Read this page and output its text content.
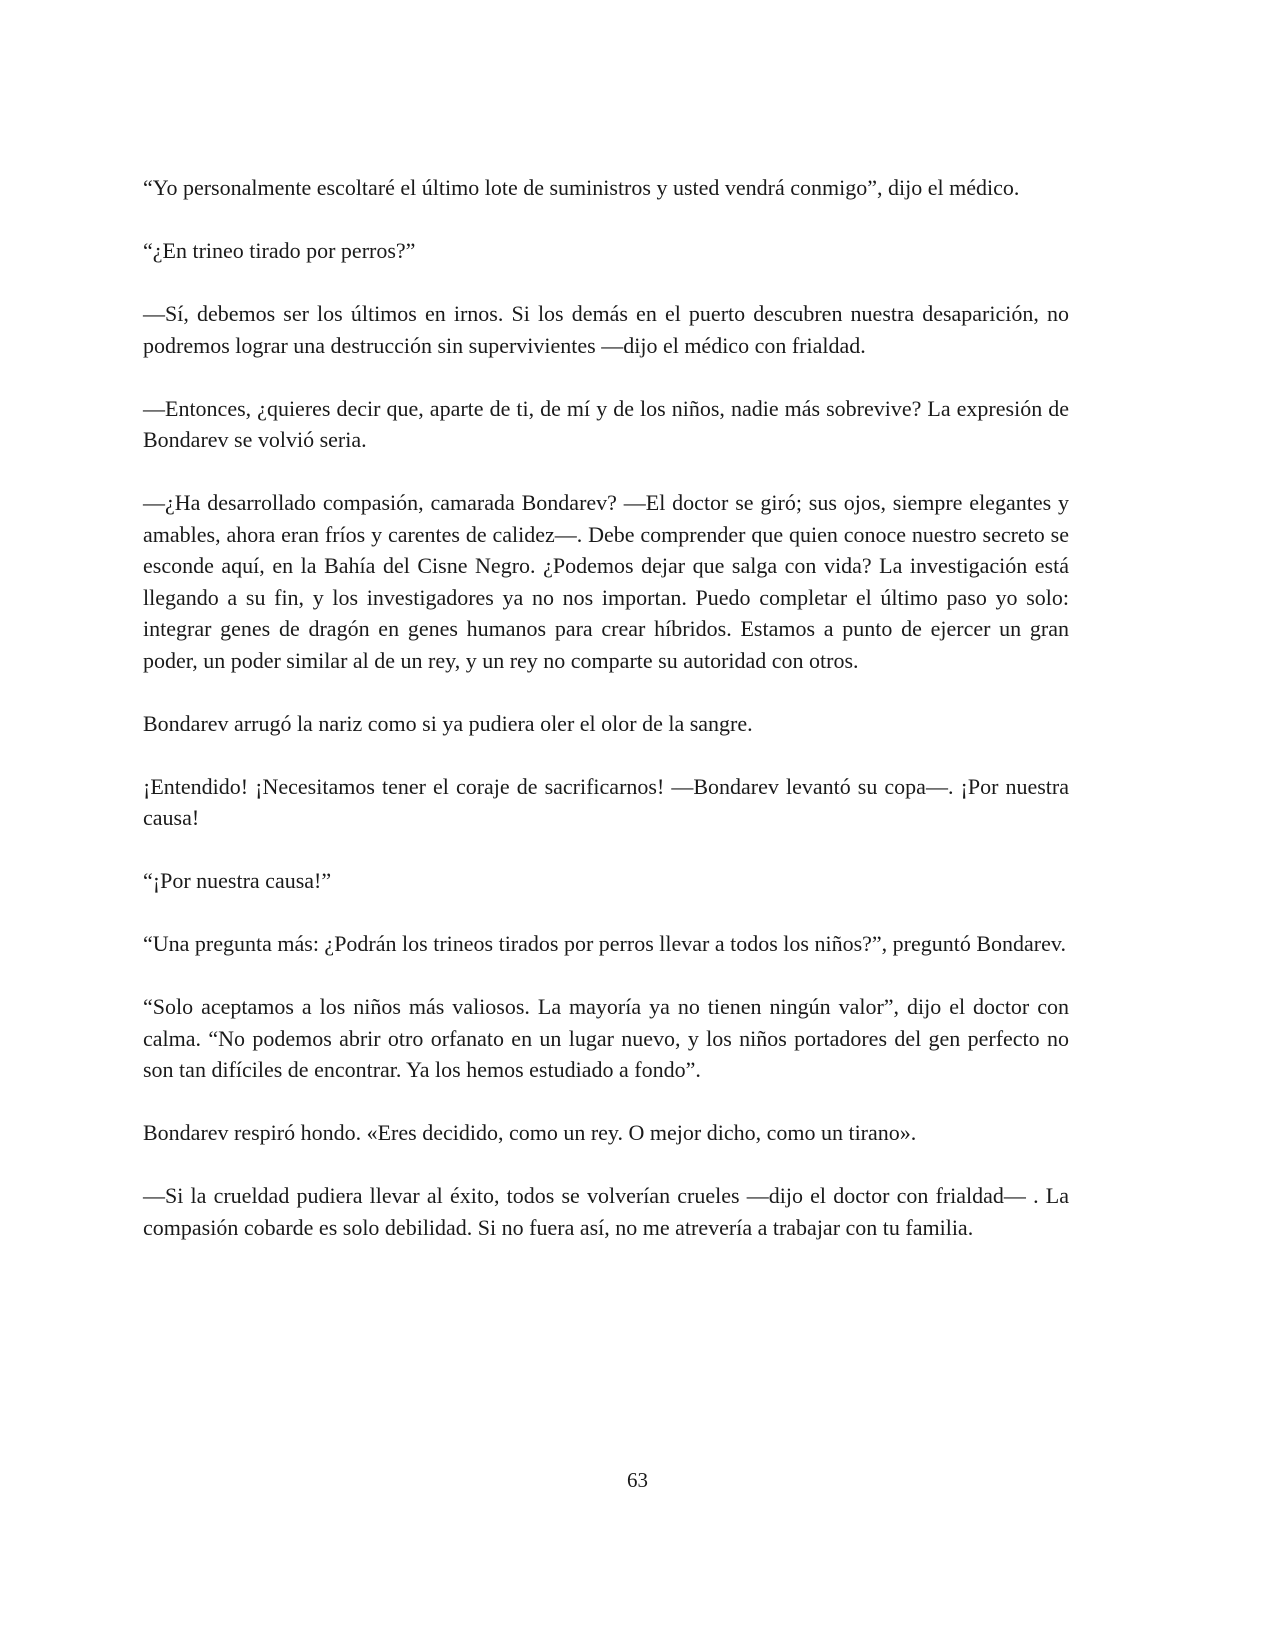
“Yo personalmente escoltaré el último lote de suministros y usted vendrá conmigo”, dijo el médico.

“¿En trineo tirado por perros?”

—Sí, debemos ser los últimos en irnos. Si los demás en el puerto descubren nuestra desaparición, no podremos lograr una destrucción sin supervivientes —dijo el médico con frialdad.

—Entonces, ¿quieres decir que, aparte de ti, de mí y de los niños, nadie más sobrevive? La expresión de Bondarev se volvió seria.

—¿Ha desarrollado compasión, camarada Bondarev? —El doctor se giró; sus ojos, siempre elegantes y amables, ahora eran fríos y carentes de calidez—. Debe comprender que quien conoce nuestro secreto se esconde aquí, en la Bahía del Cisne Negro. ¿Podemos dejar que salga con vida? La investigación está llegando a su fin, y los investigadores ya no nos importan. Puedo completar el último paso yo solo: integrar genes de dragón en genes humanos para crear híbridos. Estamos a punto de ejercer un gran poder, un poder similar al de un rey, y un rey no comparte su autoridad con otros.

Bondarev arrugó la nariz como si ya pudiera oler el olor de la sangre.

¡Entendido! ¡Necesitamos tener el coraje de sacrificarnos! —Bondarev levantó su copa—. ¡Por nuestra causa!

“¡Por nuestra causa!”

“Una pregunta más: ¿Podrán los trineos tirados por perros llevar a todos los niños?”, preguntó Bondarev.

“Solo aceptamos a los niños más valiosos. La mayoría ya no tienen ningún valor”, dijo el doctor con calma. “No podemos abrir otro orfanato en un lugar nuevo, y los niños portadores del gen perfecto no son tan difíciles de encontrar. Ya los hemos estudiado a fondo”.

Bondarev respiró hondo. «Eres decidido, como un rey. O mejor dicho, como un tirano».

—Si la crueldad pudiera llevar al éxito, todos se volverían crueles —dijo el doctor con frialdad— . La compasión cobarde es solo debilidad. Si no fuera así, no me atrevería a trabajar con tu familia.

63
